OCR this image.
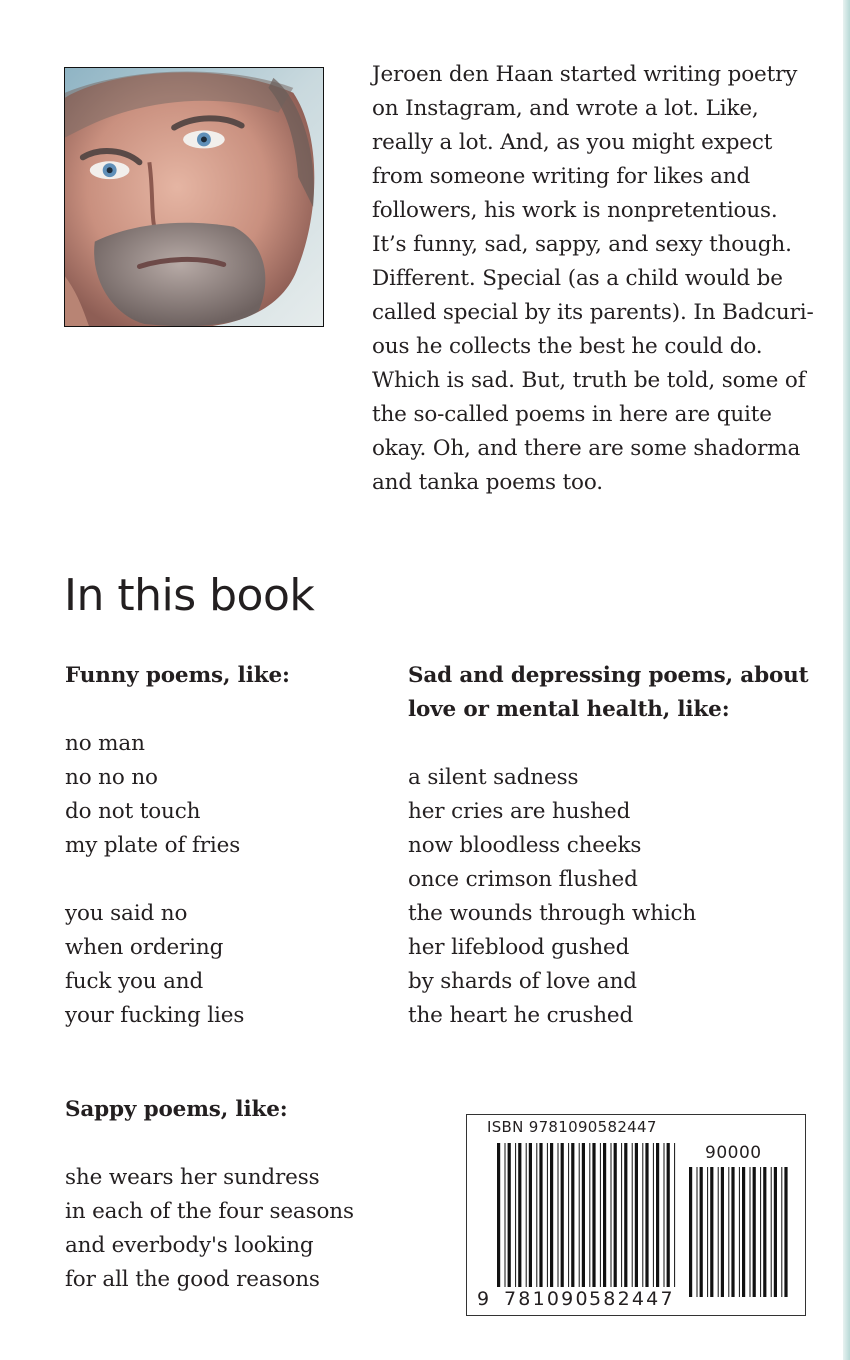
Jeroen den Haan started writing poetry
on Instagram, and wrote a lot. Like,
really a lot. And, as you might expect
from someone writing for likes and
followers, his work is nonpretentious.
It’s funny, sad, sappy, and sexy though.
Different. Special (as a child would be
called special by its parents). In Badcuri-
ous he collects the best he could do.
Which is sad. But, truth be told, some of
the so-called poems in here are quite
okay. Oh, and there are some shadorma
and tanka poems too.
In this book
Funny poems, like:
no man
no no no
do not touch
my plate of fries
you said no
when ordering
fuck you and
your fucking lies
Sad and depressing poems, about
love or mental health, like:
a silent sadness
her cries are hushed
now bloodless cheeks
once crimson flushed
the wounds through which
her lifeblood gushed
by shards of love and
the heart he crushed
Sappy poems, like:
she wears her sundress
in each of the four seasons
and everbody's looking
for all the good reasons
ISBN 9781090582447
90000
9 781090 582447
